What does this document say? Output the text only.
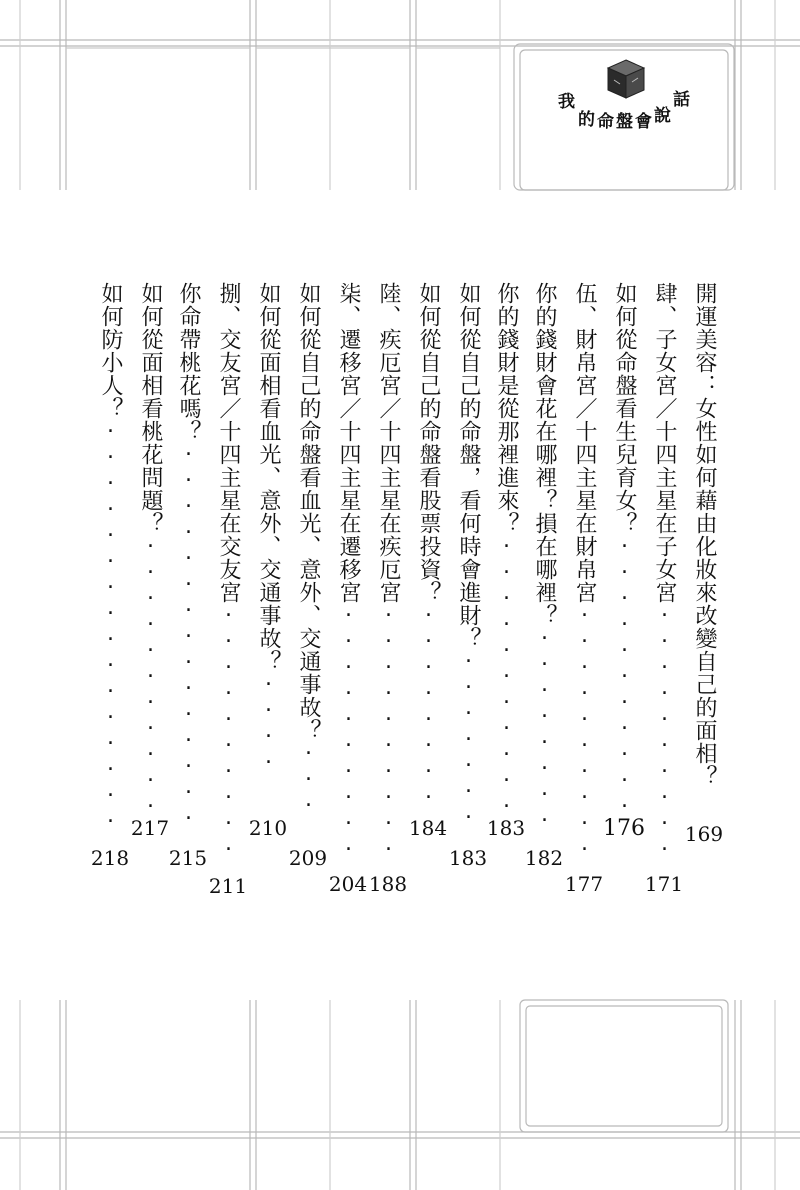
我
的 命 盤 會 說
話
開運美容：女性如何藉由化妝來改變自己的面相？
169
肆、子女宮／十四主星在子女宮‧‧‧‧‧‧‧‧‧‧
171
如何從命盤看生兒育女？‧‧‧‧‧‧‧‧‧‧‧
176
伍、財帛宮／十四主星在財帛宮‧‧‧‧‧‧‧‧‧‧
177
你的錢財會花在哪裡？損在哪裡？‧‧‧‧‧‧‧‧
182
你的錢財是從那裡進來？‧‧‧‧‧‧‧‧‧‧‧
183
如何從自己的命盤，看何時會進財？‧‧‧‧‧‧‧
183
如何從自己的命盤看股票投資？‧‧‧‧‧‧‧‧
184
陸、疾厄宮／十四主星在疾厄宮‧‧‧‧‧‧‧‧‧‧
188
柒、遷移宮／十四主星在遷移宮‧‧‧‧‧‧‧‧‧‧
204
如何從自己的命盤看血光、意外、交通事故？‧‧‧
209
如何從面相看血光、意外、交通事故？‧‧‧‧
210
捌、交友宮／十四主星在交友宮‧‧‧‧‧‧‧‧‧‧
211
你命帶桃花嗎？‧‧‧‧‧‧‧‧‧‧‧‧‧‧‧
215
如何從面相看桃花問題？‧‧‧‧‧‧‧‧‧‧‧
217
如何防小人？‧‧‧‧‧‧‧‧‧‧‧‧‧‧‧‧
218
